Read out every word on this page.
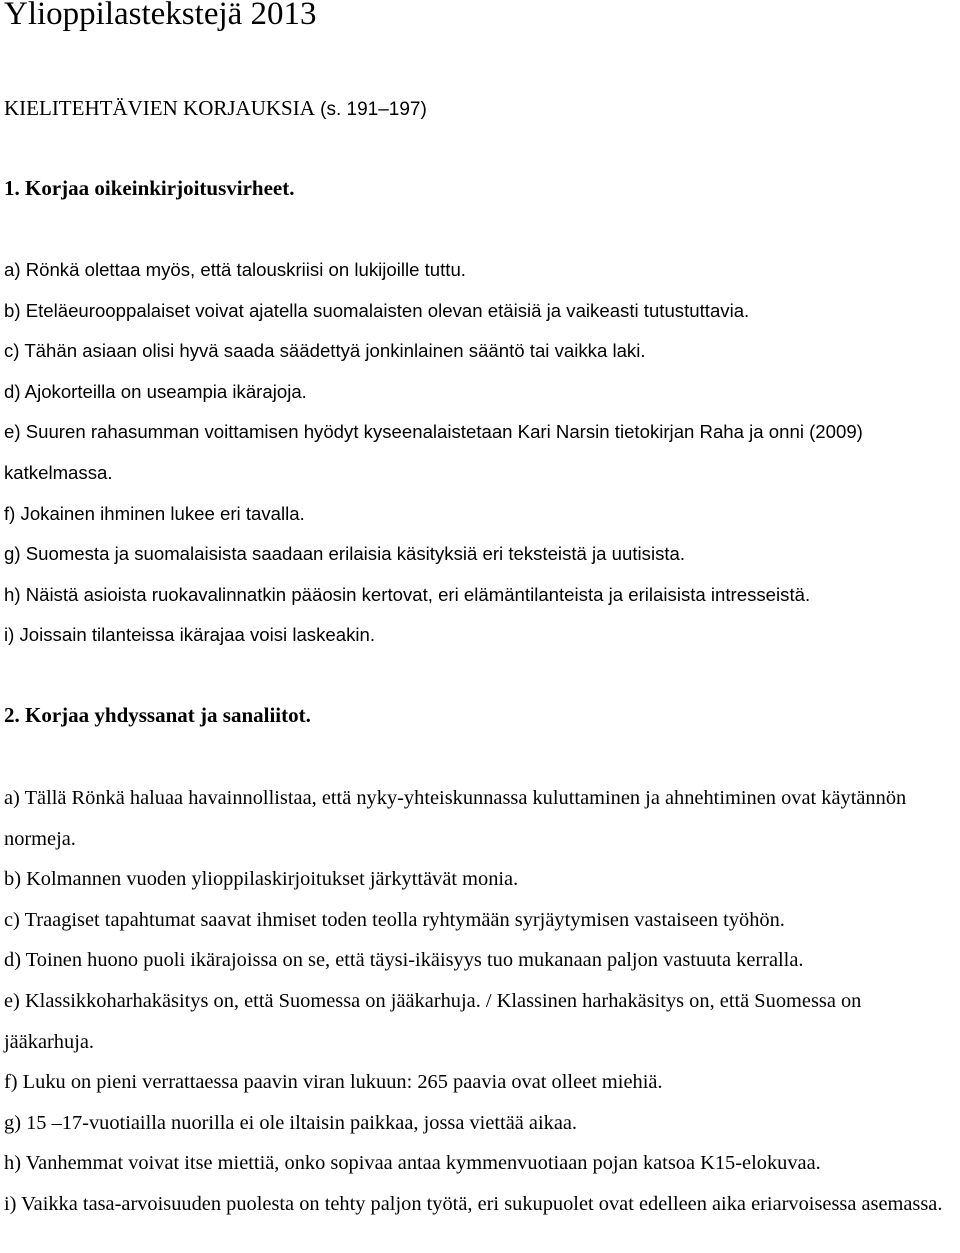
Ylioppilastekstejä 2013
KIELITEHTÄVIEN KORJAUKSIA (s. 191–197)
1. Korjaa oikeinkirjoitusvirheet.
a) Rönkä olettaa myös, että talouskriisi on lukijoille tuttu.
b) Eteläeurooppalaiset voivat ajatella suomalaisten olevan etäisiä ja vaikeasti tutustuttavia.
c) Tähän asiaan olisi hyvä saada säädettyä jonkinlainen sääntö tai vaikka laki.
d) Ajokorteilla on useampia ikärajoja.
e) Suuren rahasumman voittamisen hyödyt kyseenalaistetaan Kari Narsin tietokirjan Raha ja onni (2009) katkelmassa.
f) Jokainen ihminen lukee eri tavalla.
g) Suomesta ja suomalaisista saadaan erilaisia käsityksiä eri teksteistä ja uutisista.
h) Näistä asioista ruokavalinnatkin pääosin kertovat, eri elämäntilanteista ja erilaisista intresseistä.
i) Joissain tilanteissa ikärajaa voisi laskeakin.
2. Korjaa yhdyssanat ja sanaliitot.
a) Tällä Rönkä haluaa havainnollistaa, että nyky-yhteiskunnassa kuluttaminen ja ahnehtiminen ovat käytännön normeja.
b) Kolmannen vuoden ylioppilaskirjoitukset järkyttävät monia.
c) Traagiset tapahtumat saavat ihmiset toden teolla ryhtymään syrjäytymisen vastaiseen työhön.
d) Toinen huono puoli ikärajoissa on se, että täysi-ikäisyys tuo mukanaan paljon vastuuta kerralla.
e) Klassikkoharhakäsitys on, että Suomessa on jääkarhuja. / Klassinen harhakäsitys on, että Suomessa on jääkarhuja.
f) Luku on pieni verrattaessa paavin viran lukuun: 265 paavia ovat olleet miehiä.
g) 15 –17-vuotiailla nuorilla ei ole iltaisin paikkaa, jossa viettää aikaa.
h) Vanhemmat voivat itse miettiä, onko sopivaa antaa kymmenvuotiaan pojan katsoa K15-elokuvaa.
i) Vaikka tasa-arvoisuuden puolesta on tehty paljon työtä, eri sukupuolet ovat edelleen aika eriarvoisessa asemassa.
